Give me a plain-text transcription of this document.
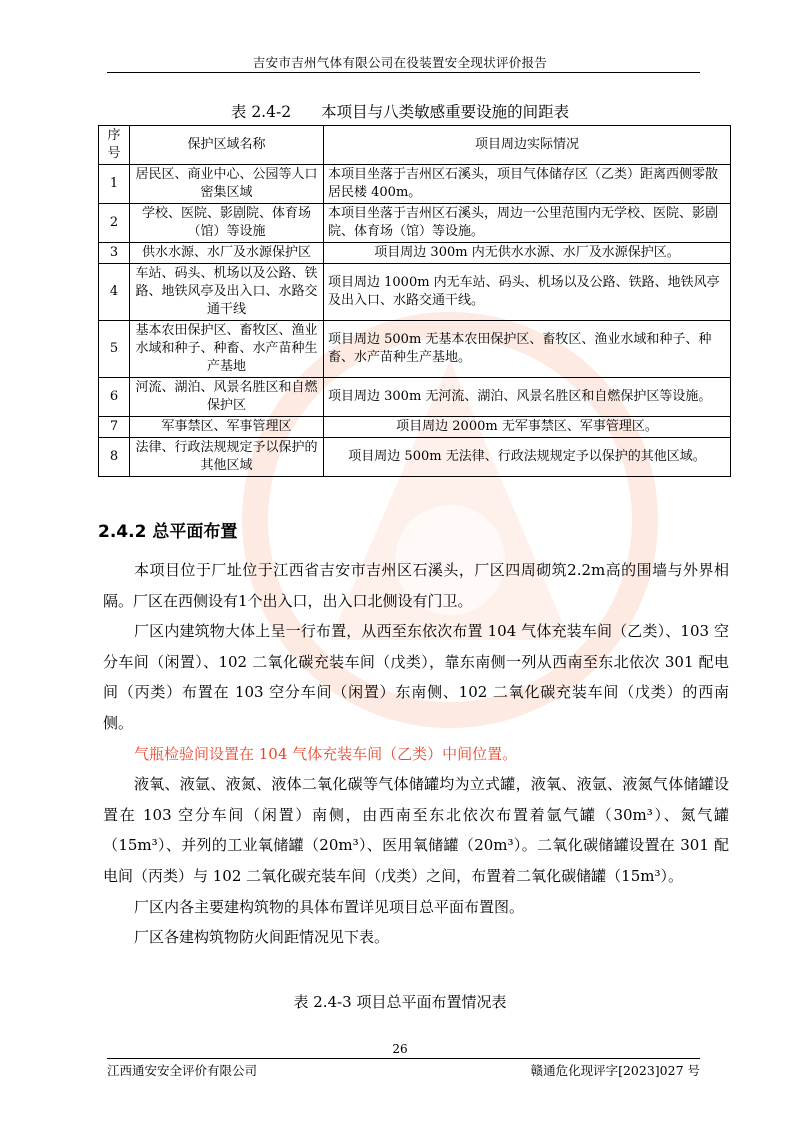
吉安市吉州气体有限公司在役装置安全现状评价报告
表 2.4-2 本项目与八类敏感重要设施的间距表
序号	保护区域名称	项目周边实际情况
1	居民区、商业中心、公园等人口密集区域	本项目坐落于吉州区石溪头，项目气体储存区（乙类）距离西侧零散居民楼 400m。
2	学校、医院、影剧院、体育场（馆）等设施	本项目坐落于吉州区石溪头，周边一公里范围内无学校、医院、影剧院、体育场（馆）等设施。
3	供水水源、水厂及水源保护区	项目周边 300m 内无供水水源、水厂及水源保护区。
4	车站、码头、机场以及公路、铁路、地铁风亭及出入口、水路交通干线	项目周边 1000m 内无车站、码头、机场以及公路、铁路、地铁风亭及出入口、水路交通干线。
5	基本农田保护区、畜牧区、渔业水域和种子、种畜、水产苗种生产基地	项目周边 500m 无基本农田保护区、畜牧区、渔业水域和种子、种畜、水产苗种生产基地。
6	河流、湖泊、风景名胜区和自燃保护区	项目周边 300m 无河流、湖泊、风景名胜区和自燃保护区等设施。
7	军事禁区、军事管理区	项目周边 2000m 无军事禁区、军事管理区。
8	法律、行政法规规定予以保护的其他区域	项目周边 500m 无法律、行政法规规定予以保护的其他区域。
2.4.2 总平面布置

本项目位于厂址位于江西省吉安市吉州区石溪头，厂区四周砌筑2.2m高的围墙与外界相隔。厂区在西侧设有1个出入口，出入口北侧设有门卫。

厂区内建筑物大体上呈一行布置，从西至东依次布置 104 气体充装车间（乙类）、103 空分车间（闲置）、102 二氧化碳充装车间（戊类），靠东南侧一列从西南至东北依次 301 配电间（丙类）布置在 103 空分车间（闲置）东南侧、102 二氧化碳充装车间（戊类）的西南侧。

气瓶检验间设置在 104 气体充装车间（乙类）中间位置。

液氧、液氩、液氮、液体二氧化碳等气体储罐均为立式罐，液氧、液氩、液氮气体储罐设置在 103 空分车间（闲置）南侧，由西南至东北依次布置着氩气罐（30m³）、氮气罐（15m³）、并列的工业氧储罐（20m³）、医用氧储罐（20m³）。二氧化碳储罐设置在 301 配电间（丙类）与 102 二氧化碳充装车间（戊类）之间，布置着二氧化碳储罐（15m³）。

厂区内各主要建构筑物的具体布置详见项目总平面布置图。

厂区各建构筑物防火间距情况见下表。

表 2.4-3 项目总平面布置情况表
26
江西通安安全评价有限公司	赣通危化现评字[2023]027 号
